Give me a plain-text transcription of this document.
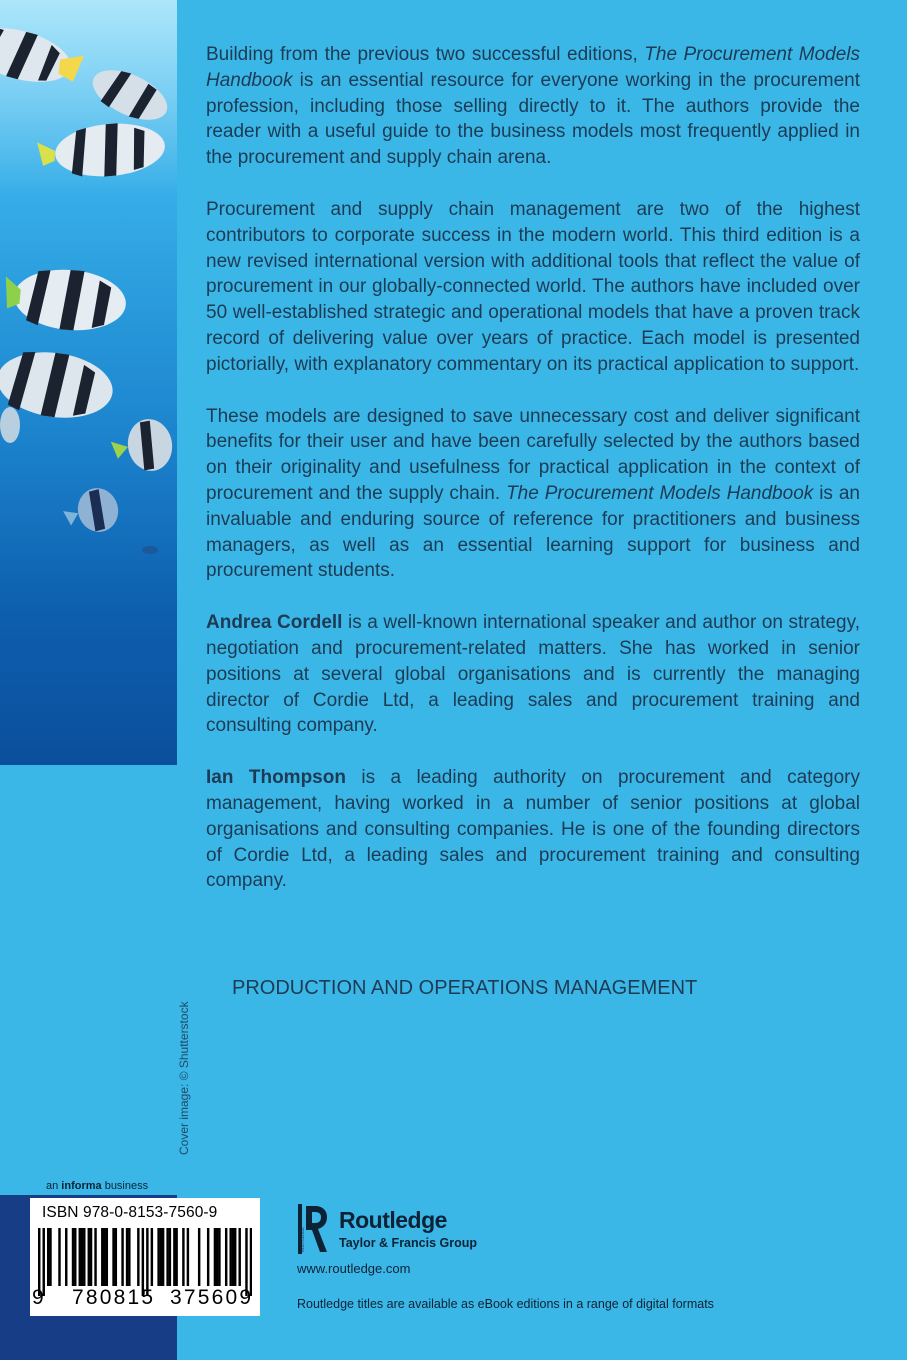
Cover image: © Shutterstock
an informa business
ISBN 978-0-8153-7560-9
9 780815 375609

Building from the previous two successful editions, The Procurement Models Handbook is an essential resource for everyone working in the procurement profession, including those selling directly to it. The authors provide the reader with a useful guide to the business models most frequently applied in the procurement and supply chain arena.

Procurement and supply chain management are two of the highest contributors to corporate success in the modern world. This third edition is a new revised international version with additional tools that reflect the value of procurement in our globally-connected world. The authors have included over 50 well-established strategic and operational models that have a proven track record of delivering value over years of practice. Each model is presented pictorially, with explanatory commentary on its practical application to support.

These models are designed to save unnecessary cost and deliver significant benefits for their user and have been carefully selected by the authors based on their originality and usefulness for practical application in the context of procurement and the supply chain. The Procurement Models Handbook is an invaluable and enduring source of reference for practitioners and business managers, as well as an essential learning support for business and procurement students.

Andrea Cordell is a well-known international speaker and author on strategy, negotiation and procurement-related matters. She has worked in senior positions at several global organisations and is currently the managing director of Cordie Ltd, a leading sales and procurement training and consulting company.

Ian Thompson is a leading authority on procurement and category management, having worked in a number of senior positions at global organisations and consulting companies. He is one of the founding directors of Cordie Ltd, a leading sales and procurement training and consulting company.

PRODUCTION AND OPERATIONS MANAGEMENT
ROUTLEDGE
Routledge
Taylor & Francis Group
www.routledge.com
Routledge titles are available as eBook editions in a range of digital formats
